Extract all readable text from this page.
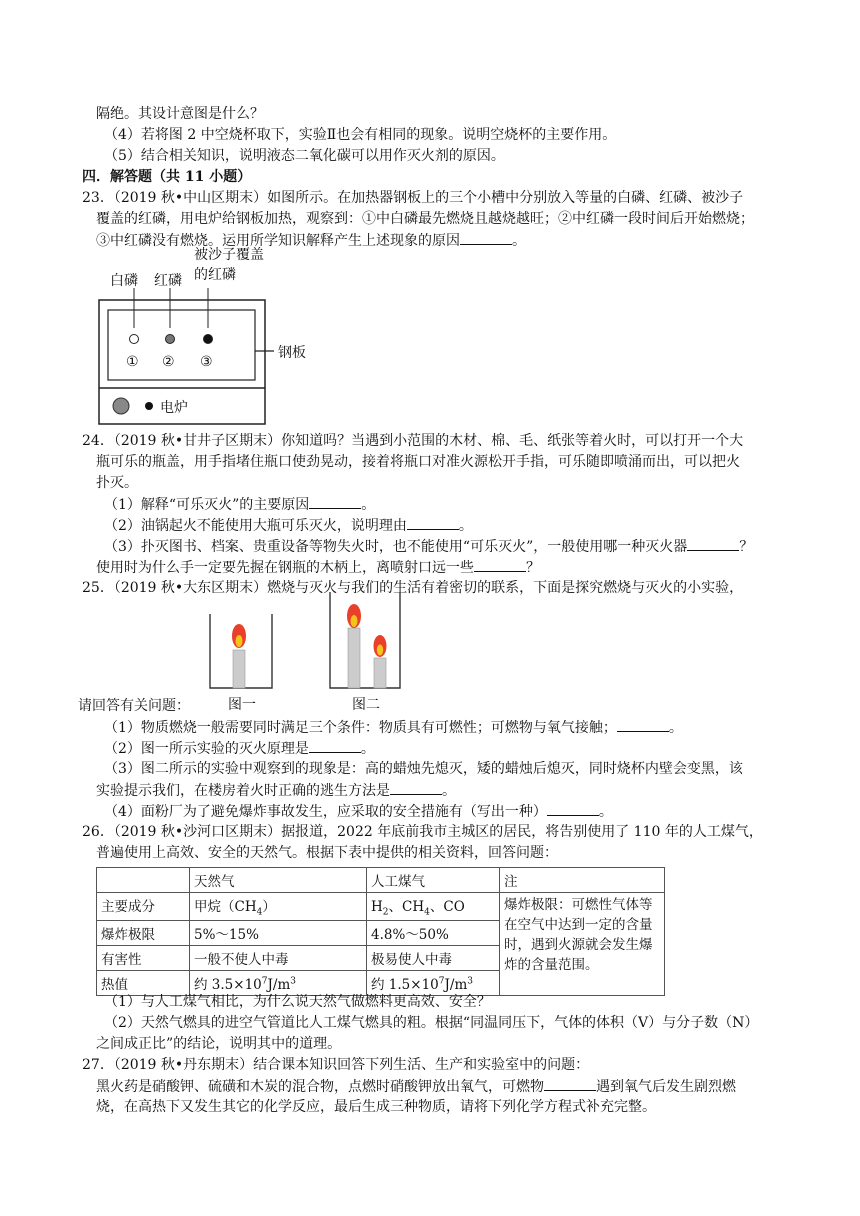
隔绝。其设计意图是什么？
（4）若将图 2 中空烧杯取下，实验Ⅱ也会有相同的现象。说明空烧杯的主要作用。
（5）结合相关知识，说明液态二氧化碳可以用作灭火剂的原因。
四．解答题（共 11 小题）
23．（2019 秋•中山区期末）如图所示。在加热器钢板上的三个小槽中分别放入等量的白磷、红磷、被沙子
覆盖的红磷，用电炉给钢板加热，观察到：①中白磷最先燃烧且越烧越旺；②中红磷一段时间后开始燃烧；
③中红磷没有燃烧。运用所学知识解释产生上述现象的原因	。
白磷 红磷
被沙子覆盖
的红磷
① ② ③
钢板
电炉
24．（2019 秋•甘井子区期末）你知道吗？当遇到小范围的木材、棉、毛、纸张等着火时，可以打开一个大
瓶可乐的瓶盖，用手指堵住瓶口使劲晃动，接着将瓶口对准火源松开手指，可乐随即喷涌而出，可以把火
扑灭。
（1）解释“可乐灭火”的主要原因	。
（2）油锅起火不能使用大瓶可乐灭火，说明理由	。
（3）扑灭图书、档案、贵重设备等物失火时，也不能使用“可乐灭火”，一般使用哪一种灭火器	？
使用时为什么手一定要先握在钢瓶的木柄上，离喷射口远一些	？
25．（2019 秋•大东区期末）燃烧与灭火与我们的生活有着密切的联系，下面是探究燃烧与灭火的小实验，
图一	图二
请回答有关问题：
（1）物质燃烧一般需要同时满足三个条件：物质具有可燃性；可燃物与氧气接触；	。
（2）图一所示实验的灭火原理是	。
（3）图二所示的实验中观察到的现象是：高的蜡烛先熄灭，矮的蜡烛后熄灭，同时烧杯内壁会变黑，该
实验提示我们，在楼房着火时正确的逃生方法是	。
（4）面粉厂为了避免爆炸事故发生，应采取的安全措施有（写出一种）	。
26．（2019 秋•沙河口区期末）据报道，2022 年底前我市主城区的居民，将告别使用了 110 年的人工煤气，
普遍使用上高效、安全的天然气。根据下表中提供的相关资料，回答问题：
	天然气	人工煤气	注
主要成分	甲烷$(CH_4)$	$H_2$、$CH_4$、CO	爆炸极限：可燃性气体等在空气中达到一定的含量时，遇到火源就会发生爆炸的含量范围。
爆炸极限	5%～15%	4.8%～50%	
有害性	一般不使人中毒	极易使人中毒	
热值	约 $3.5\times 10^7J/m^3$	约 $1.5\times 10^7J/m^3$
（1）与人工煤气相比，为什么说天然气做燃料更高效、安全？
（2）天然气燃具的进空气管道比人工煤气燃具的粗。根据“同温同压下，气体的体积（V）与分子数（N）
之间成正比”的结论，说明其中的道理。
27．（2019 秋•丹东期末）结合课本知识回答下列生活、生产和实验室中的问题：
黑火药是硝酸钾、硫磺和木炭的混合物，点燃时硝酸钾放出氧气，可燃物	遇到氧气后发生剧烈燃
烧，在高热下又发生其它的化学反应，最后生成三种物质，请将下列化学方程式补充完整。
